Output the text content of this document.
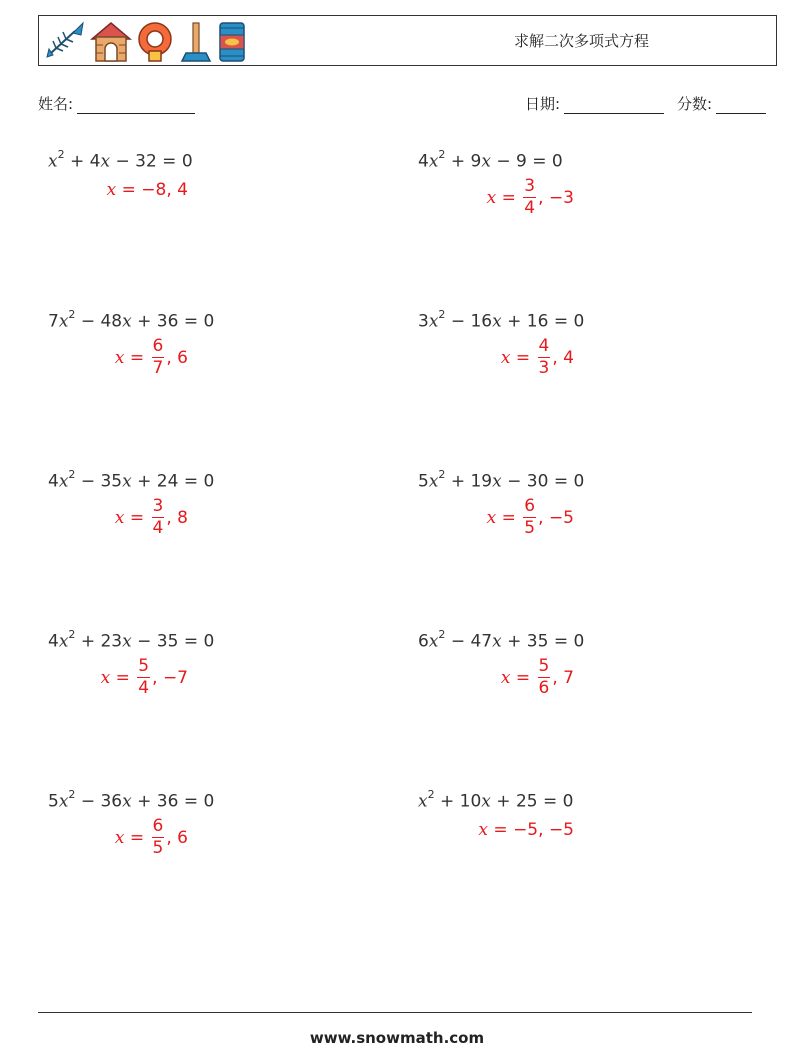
求解二次多项式方程
姓名:	日期:	分数:
$x^2 + 4x - 32 = 0$
x = −8 , 4
$4x^2 + 9x - 9 = 0$
$x = \frac{3}{4}$ , −3
$7x^2 - 48x + 36 = 0$
$x = \frac{6}{7}$ , 6
$3x^2 - 16x + 16 = 0$
$x = \frac{4}{3}$ , 4
$4x^2 - 35x + 24 = 0$
$x = \frac{3}{4}$ , 8
$5x^2 + 19x - 30 = 0$
$x = \frac{6}{5}$ , −5
$4x^2 + 23x - 35 = 0$
$x = \frac{5}{4}$ , −7
$6x^2 - 47x + 35 = 0$
$x = \frac{5}{6}$ , 7
$5x^2 - 36x + 36 = 0$
$x = \frac{6}{5}$ , 6
$x^2 + 10x + 25 = 0$
x = −5 , −5
www.snowmath.com
